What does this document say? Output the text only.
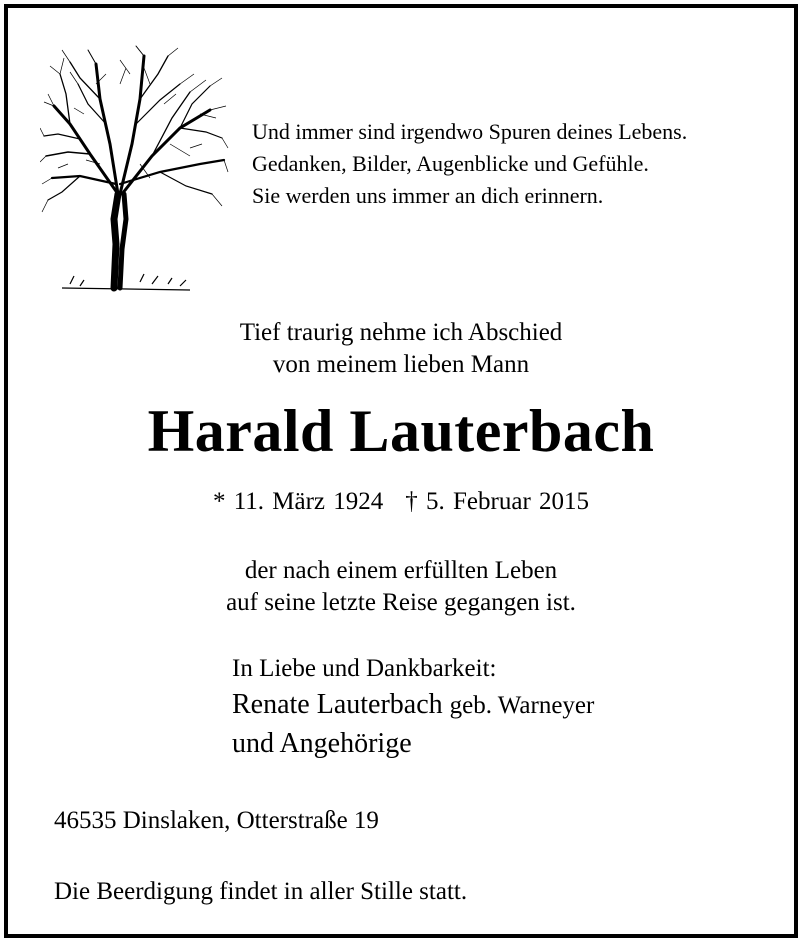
Und immer sind irgendwo Spuren deines Lebens.
Gedanken, Bilder, Augenblicke und Gefühle.
Sie werden uns immer an dich erinnern.
Tief traurig nehme ich Abschied
von meinem lieben Mann
Harald Lauterbach
* 11. März 1924 † 5. Februar 2015
der nach einem erfüllten Leben
auf seine letzte Reise gegangen ist.
In Liebe und Dankbarkeit:
Renate Lauterbach geb. Warneyer
und Angehörige
46535 Dinslaken, Otterstraße 19
Die Beerdigung findet in aller Stille statt.
